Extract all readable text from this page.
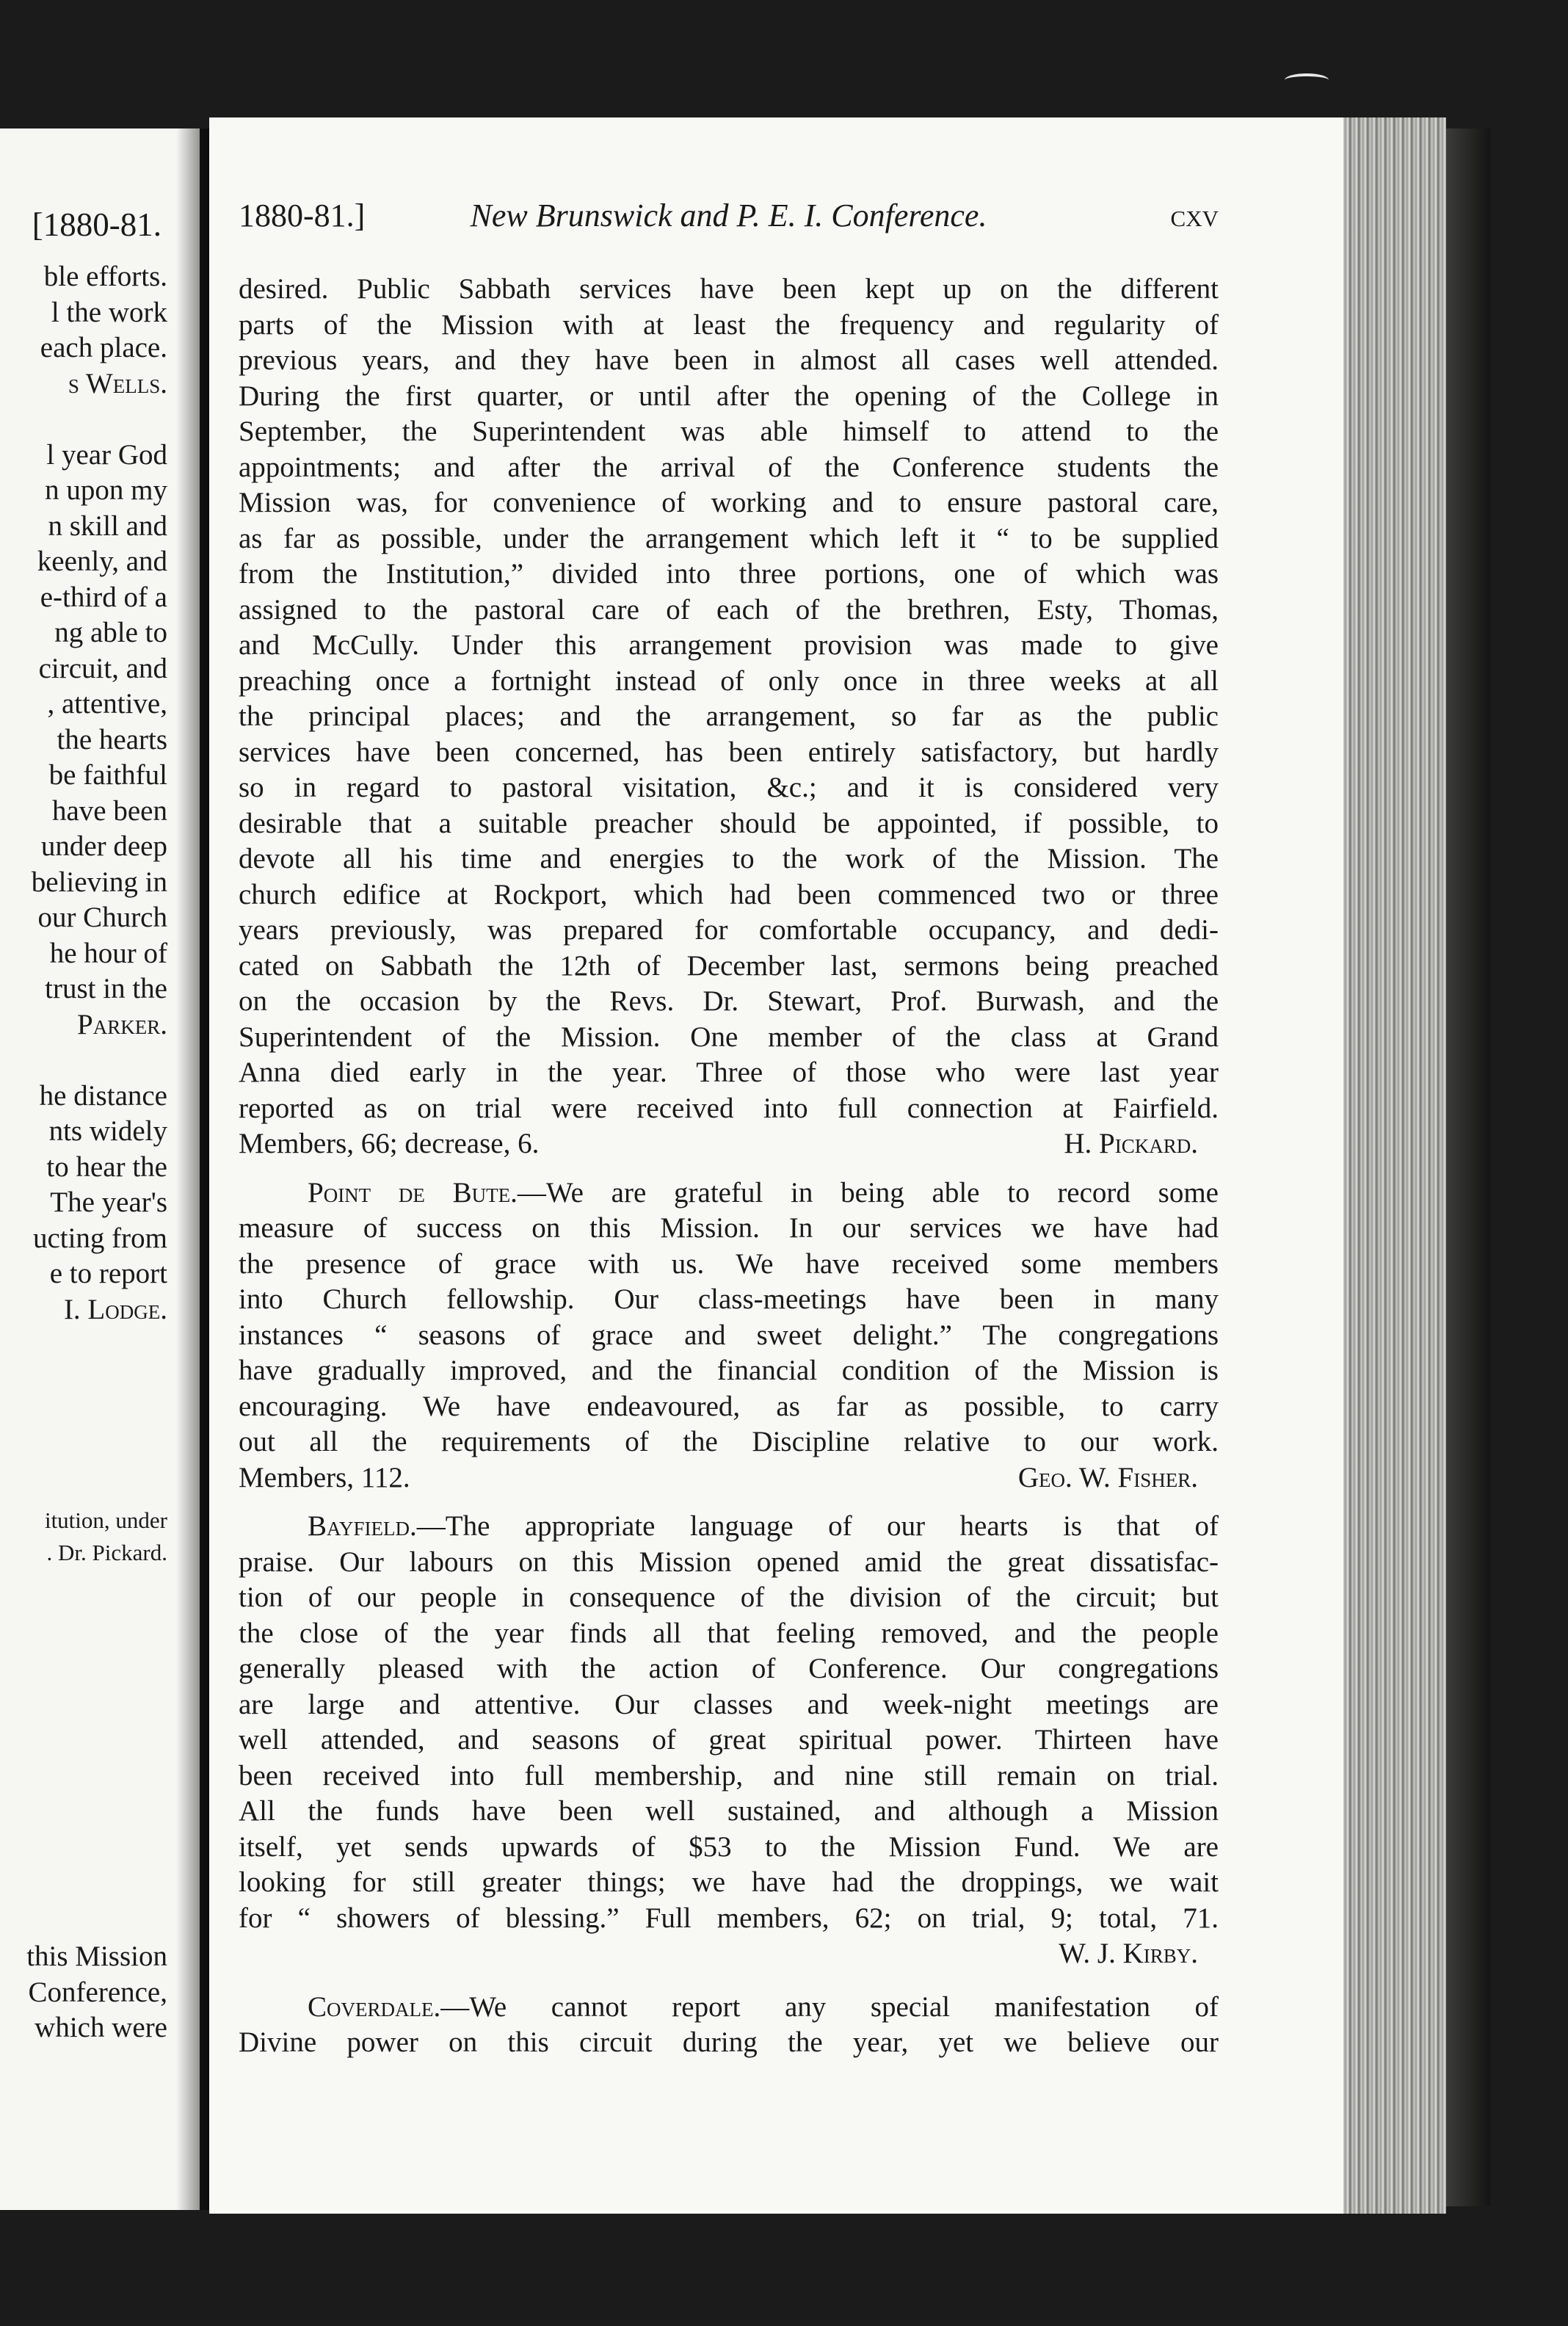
[1880-81.
ble efforts.
l the work
each place.
s Wells.
l year God
n upon my
n skill and
keenly, and
e-third of a
ng able to
circuit, and
, attentive,
the hearts
be faithful
have been
under deep
believing in
our Church
he hour of
trust in the
Parker.
he distance
nts widely
to hear the
The year's
ucting from
e to report
I. Lodge.
itution, under
. Dr. Pickard.
this Mission
Conference,
which were
1880-81.]	New Brunswick and P. E. I. Conference.	cxv
desired. Public Sabbath services have been kept up on the different
parts of the Mission with at least the frequency and regularity of
previous years, and they have been in almost all cases well attended.
During the first quarter, or until after the opening of the College in
September, the Superintendent was able himself to attend to the
appointments; and after the arrival of the Conference students the
Mission was, for convenience of working and to ensure pastoral care,
as far as possible, under the arrangement which left it “ to be supplied
from the Institution,” divided into three portions, one of which was
assigned to the pastoral care of each of the brethren, Esty, Thomas,
and McCully. Under this arrangement provision was made to give
preaching once a fortnight instead of only once in three weeks at all
the principal places; and the arrangement, so far as the public
services have been concerned, has been entirely satisfactory, but hardly
so in regard to pastoral visitation, &c.; and it is considered very
desirable that a suitable preacher should be appointed, if possible, to
devote all his time and energies to the work of the Mission. The
church edifice at Rockport, which had been commenced two or three
years previously, was prepared for comfortable occupancy, and dedi-
cated on Sabbath the 12th of December last, sermons being preached
on the occasion by the Revs. Dr. Stewart, Prof. Burwash, and the
Superintendent of the Mission. One member of the class at Grand
Anna died early in the year. Three of those who were last year
reported as on trial were received into full connection at Fairfield.
Members, 66; decrease, 6.	H. Pickard.
Point de Bute.—We are grateful in being able to record some
measure of success on this Mission. In our services we have had
the presence of grace with us. We have received some members
into Church fellowship. Our class-meetings have been in many
instances “ seasons of grace and sweet delight.” The congregations
have gradually improved, and the financial condition of the Mission is
encouraging. We have endeavoured, as far as possible, to carry
out all the requirements of the Discipline relative to our work.
Members, 112.	Geo. W. Fisher.
Bayfield.—The appropriate language of our hearts is that of
praise. Our labours on this Mission opened amid the great dissatisfac-
tion of our people in consequence of the division of the circuit; but
the close of the year finds all that feeling removed, and the people
generally pleased with the action of Conference. Our congregations
are large and attentive. Our classes and week-night meetings are
well attended, and seasons of great spiritual power. Thirteen have
been received into full membership, and nine still remain on trial.
All the funds have been well sustained, and although a Mission
itself, yet sends upwards of $53 to the Mission Fund. We are
looking for still greater things; we have had the droppings, we wait
for “ showers of blessing.” Full members, 62; on trial, 9; total, 71.
W. J. Kirby.
Coverdale.—We cannot report any special manifestation of
Divine power on this circuit during the year, yet we believe our
